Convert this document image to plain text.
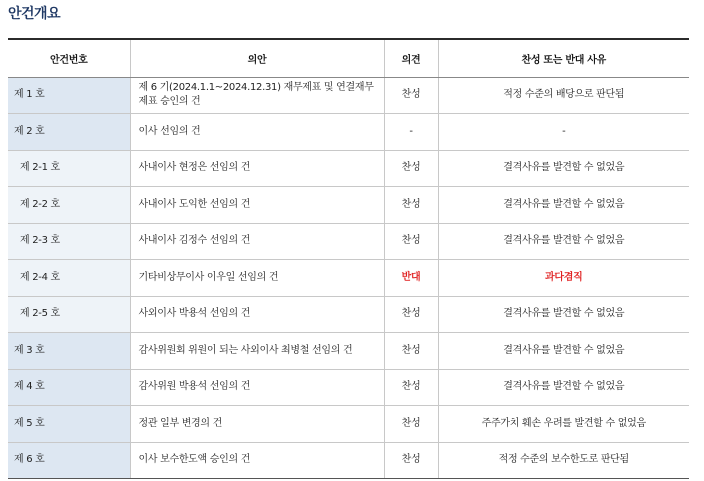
안건개요
안건번호	의안	의견	찬성 또는 반대 사유
제 1 호	제 6 기(2024.1.1~2024.12.31) 재무제표 및 연결재무제표 승인의 건	찬성	적정 수준의 배당으로 판단됨
제 2 호	이사 선임의 건	-	-
제 2-1 호	사내이사 현정은 선임의 건	찬성	결격사유를 발견할 수 없었음
제 2-2 호	사내이사 도익한 선임의 건	찬성	결격사유를 발견할 수 없었음
제 2-3 호	사내이사 김정수 선임의 건	찬성	결격사유를 발견할 수 없었음
제 2-4 호	기타비상무이사 이우일 선임의 건	반대	과다겸직
제 2-5 호	사외이사 박용석 선임의 건	찬성	결격사유를 발견할 수 없었음
제 3 호	감사위원회 위원이 되는 사외이사 최병철 선임의 건	찬성	결격사유를 발견할 수 없었음
제 4 호	감사위원 박용석 선임의 건	찬성	결격사유를 발견할 수 없었음
제 5 호	정관 일부 변경의 건	찬성	주주가치 훼손 우려를 발견할 수 없었음
제 6 호	이사 보수한도액 승인의 건	찬성	적정 수준의 보수한도로 판단됨
